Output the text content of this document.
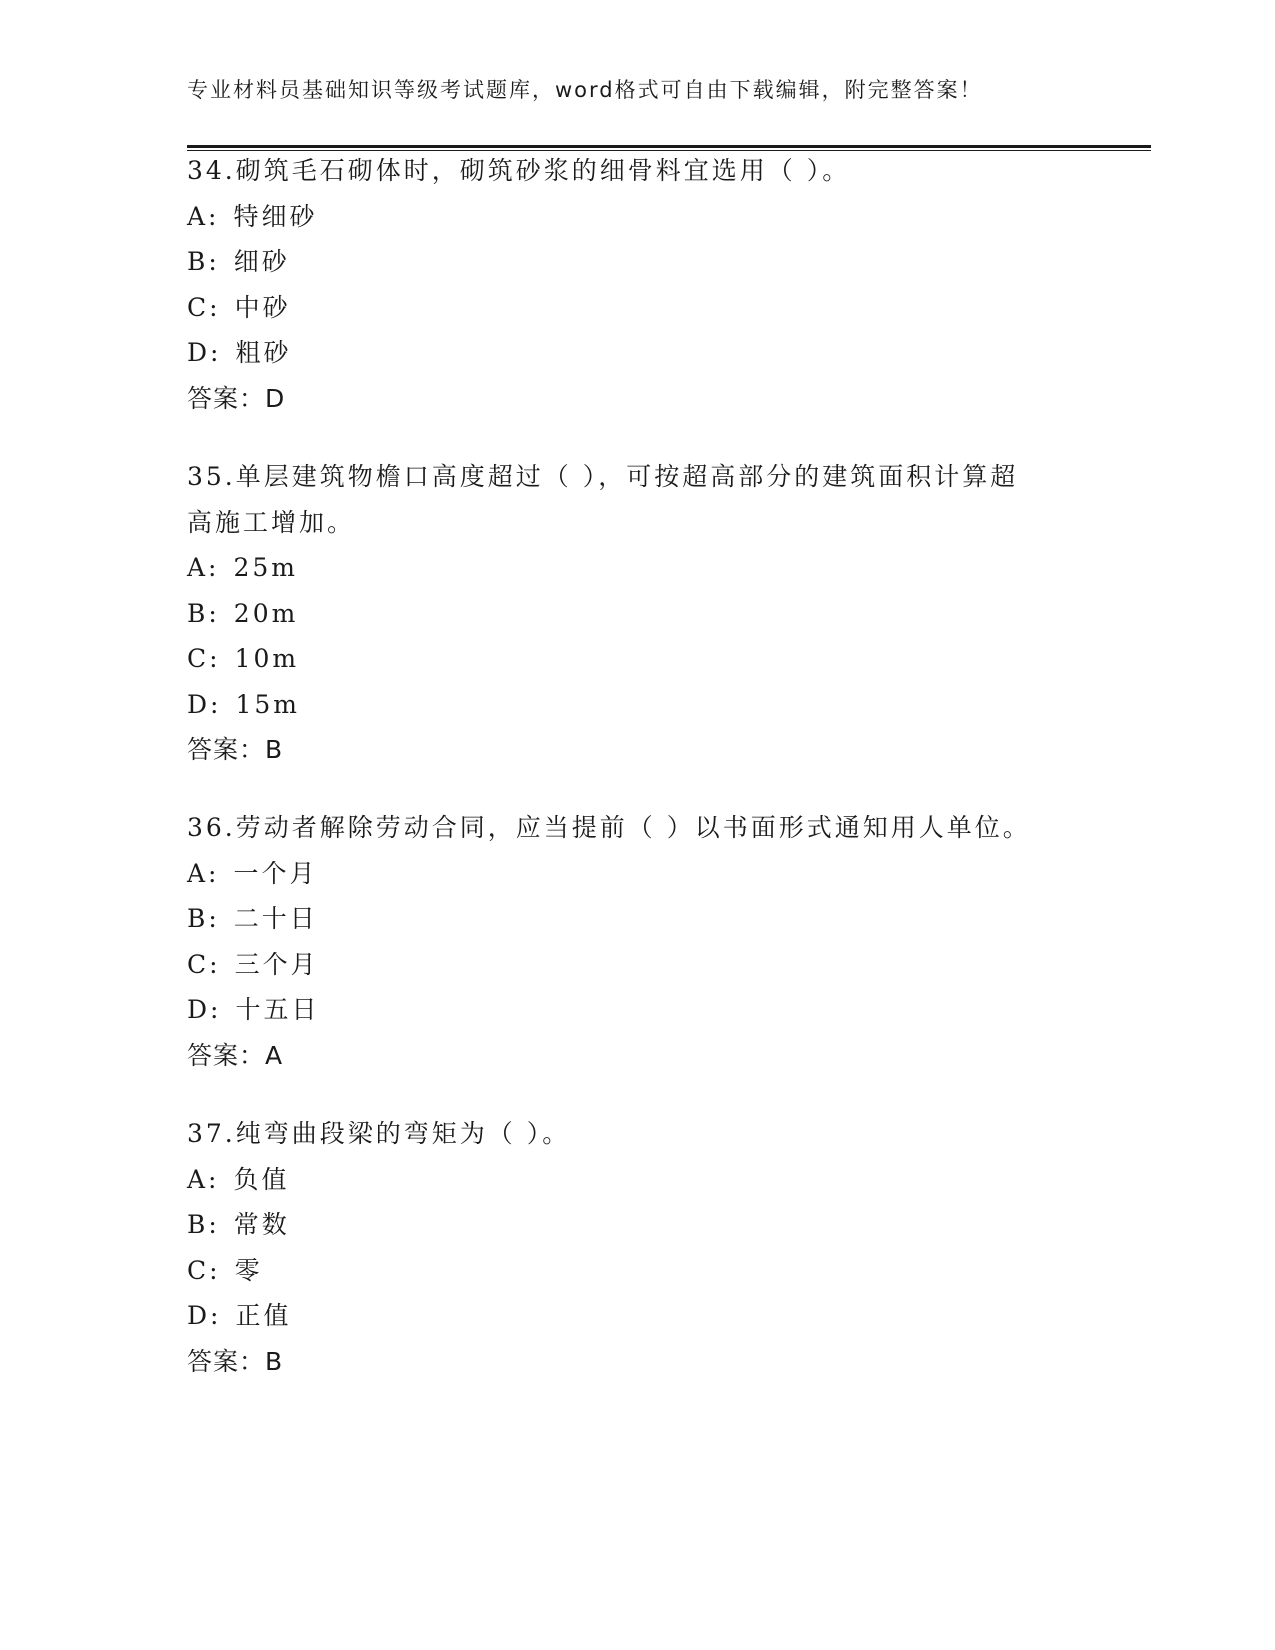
专业材料员基础知识等级考试题库，word格式可自由下载编辑，附完整答案！
34.砌筑毛石砌体时，砌筑砂浆的细骨料宜选用（ ）。
A: 特细砂
B: 细砂
C: 中砂
D: 粗砂
答案：D
35.单层建筑物檐口高度超过（ ），可按超高部分的建筑面积计算超
高施工增加。
A: 25m
B: 20m
C: 10m
D: 15m
答案：B
36.劳动者解除劳动合同，应当提前（ ）以书面形式通知用人单位。
A: 一个月
B: 二十日
C: 三个月
D: 十五日
答案：A
37.纯弯曲段梁的弯矩为（ ）。
A: 负值
B: 常数
C: 零
D: 正值
答案：B
